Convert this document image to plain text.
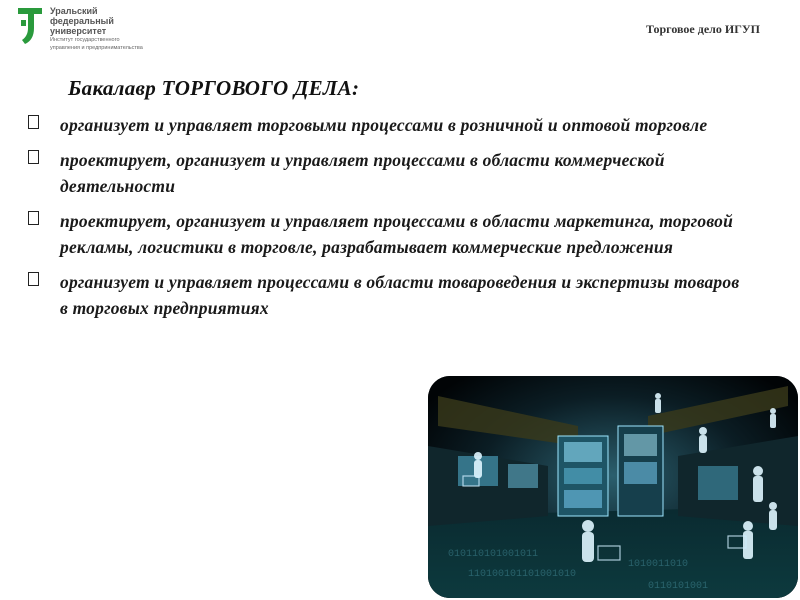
Уральский
федеральный
университет
Институт государственного
управления и предпринимательства
Торговое дело ИГУП
Бакалавр ТОРГОВОГО ДЕЛА:
организует и управляет торговыми процессами в розничной и оптовой торговле
проектирует, организует и управляет процессами в области коммерческой деятельности
проектирует, организует и управляет процессами в области маркетинга, торговой рекламы, логистики в торговле, разрабатывает коммерческие предложения
организует и управляет процессами в области товароведения и экспертизы товаров в торговых предприятиях
010110101001011
110100101101001010
1010011010
0110101001
